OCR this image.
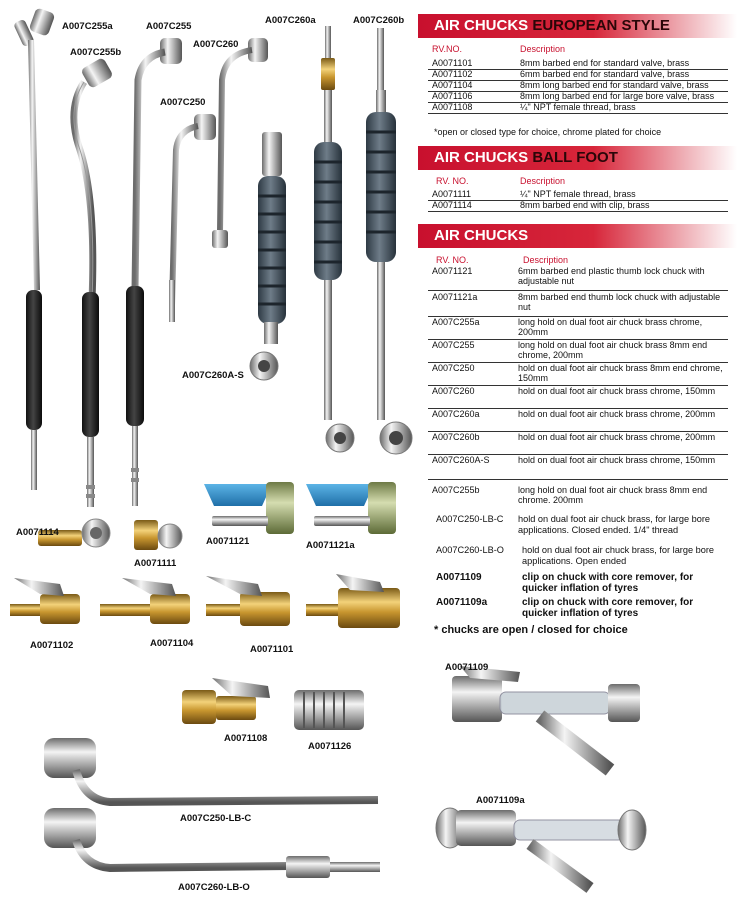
A007C255a
A007C255b
A007C255
A007C260
A007C250
A007C260a	A007C260b
A007C260A-S
A0071114
A0071111
A0071121	A0071121a
A0071102	A0071104
A0071101
A0071108
A0071126
A0071109
A0071109a
A007C250-LB-C
A007C260-LB-O
AIR CHUCKS EUROPEAN STYLE
RV.NO.	Description
A0071101	8mm barbed end for standard valve, brass
A0071102	6mm barbed end for standard valve, brass
A0071104	8mm long barbed end for standard valve, brass
A0071106	8mm long barbed end for large bore valve, brass
A0071108	¼" NPT female thread, brass
*open or closed type for choice, chrome plated for choice
AIR CHUCKS BALL FOOT
RV. NO.	Description
A0071111	¼" NPT female thread, brass
A0071114	8mm barbed end with clip, brass
AIR CHUCKS
RV. NO.	Description
A0071121	6mm barbed end plastic thumb lock chuck with adjustable nut
A0071121a	8mm barbed end thumb lock chuck with adjustable nut
A007C255a	long hold on dual foot air chuck brass chrome, 200mm
A007C255	long hold on dual foot air chuck brass 8mm end chrome, 200mm
A007C250	hold on dual foot air chuck brass 8mm end chrome, 150mm
A007C260	hold on dual foot air chuck brass chrome, 150mm
A007C260a	hold on dual foot air chuck brass chrome, 200mm
A007C260b	hold on dual foot air chuck brass chrome, 200mm
A007C260A-S	hold on dual foot air chuck brass chrome, 150mm
A007C255b	long hold on dual foot air chuck brass 8mm end chrome. 200mm
A007C250-LB-C hold on dual foot air chuck brass, for large bore applications. Closed ended. 1/4" thread
A007C260-LB-O hold on dual foot air chuck brass, for large bore applications. Open ended
A0071109	clip on chuck with core remover, for quicker inflation of tyres
A0071109a	clip on chuck with core remover, for quicker inflation of tyres
* chucks are open / closed for choice
